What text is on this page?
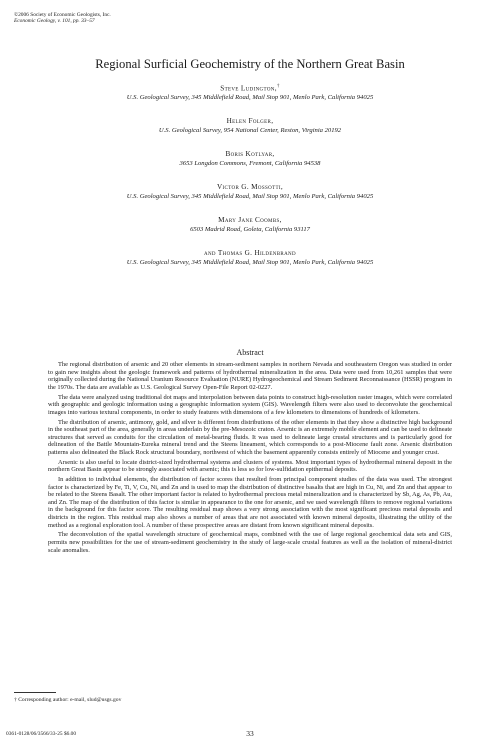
©2006 Society of Economic Geologists, Inc.
Economic Geology, v. 101, pp. 33–57
Regional Surficial Geochemistry of the Northern Great Basin
Steve Ludington,†
U.S. Geological Survey, 345 Middlefield Road, Mail Stop 901, Menlo Park, California 94025
Helen Folger,
U.S. Geological Survey, 954 National Center, Reston, Virginia 20192
Boris Kotlyar,
3653 Longdon Commons, Fremont, California 94538
Victor G. Mossotti,
U.S. Geological Survey, 345 Middlefield Road, Mail Stop 901, Menlo Park, California 94025
Mary Jane Coombs,
6503 Madrid Road, Goleta, California 93117
and Thomas G. Hildenbrand
U.S. Geological Survey, 345 Middlefield Road, Mail Stop 901, Menlo Park, California 94025
Abstract

The regional distribution of arsenic and 20 other elements in stream-sediment samples in northern Nevada and southeastern Oregon was studied in order to gain new insights about the geologic framework and patterns of hydrothermal mineralization in the area. Data were used from 10,261 samples that were originally collected during the National Uranium Resource Evaluation (NURE) Hydrogeochemical and Stream Sediment Reconnaissance (HSSR) program in the 1970s. The data are available as U.S. Geological Survey Open-File Report 02-0227.

The data were analyzed using traditional dot maps and interpolation between data points to construct high-resolution raster images, which were correlated with geographic and geologic information using a geographic information system (GIS). Wavelength filters were also used to deconvolute the geochemical images into various textural components, in order to study features with dimensions of a few kilometers to dimensions of hundreds of kilometers.

The distribution of arsenic, antimony, gold, and silver is different from distributions of the other elements in that they show a distinctive high background in the southeast part of the area, generally in areas underlain by the pre-Mesozoic craton. Arsenic is an extremely mobile element and can be used to delineate structures that served as conduits for the circulation of metal-bearing fluids. It was used to delineate large crustal structures and is particularly good for delineation of the Battle Mountain-Eureka mineral trend and the Steens lineament, which corresponds to a post-Miocene fault zone. Arsenic distribution patterns also delineated the Black Rock structural boundary, northwest of which the basement apparently consists entirely of Miocene and younger crust.

Arsenic is also useful to locate district-sized hydrothermal systems and clusters of systems. Most important types of hydrothermal mineral deposit in the northern Great Basin appear to be strongly associated with arsenic; this is less so for low-sulfidation epithermal deposits.

In addition to individual elements, the distribution of factor scores that resulted from principal component studies of the data was used. The strongest factor is characterized by Fe, Ti, V, Cu, Ni, and Zn and is used to map the distribution of distinctive basalts that are high in Cu, Ni, and Zn and that appear to be related to the Steens Basalt. The other important factor is related to hydrothermal precious metal mineralization and is characterized by Sb, Ag, As, Pb, Au, and Zn. The map of the distribution of this factor is similar in appearance to the one for arsenic, and we used wavelength filters to remove regional variations in the background for this factor score. The resulting residual map shows a very strong association with the most significant precious metal deposits and districts in the region. This residual map also shows a number of areas that are not associated with known mineral deposits, illustrating the utility of the method as a regional exploration tool. A number of these prospective areas are distant from known significant mineral deposits.

The deconvolution of the spatial wavelength structure of geochemical maps, combined with the use of large regional geochemical data sets and GIS, permits new possibilities for the use of stream-sediment geochemistry in the study of large-scale crustal features as well as the isolation of mineral-district scale anomalies.

† Corresponding author: e-mail, slud@usgs.gov
0361-0128/06/3566/33-25 $6.00	33
